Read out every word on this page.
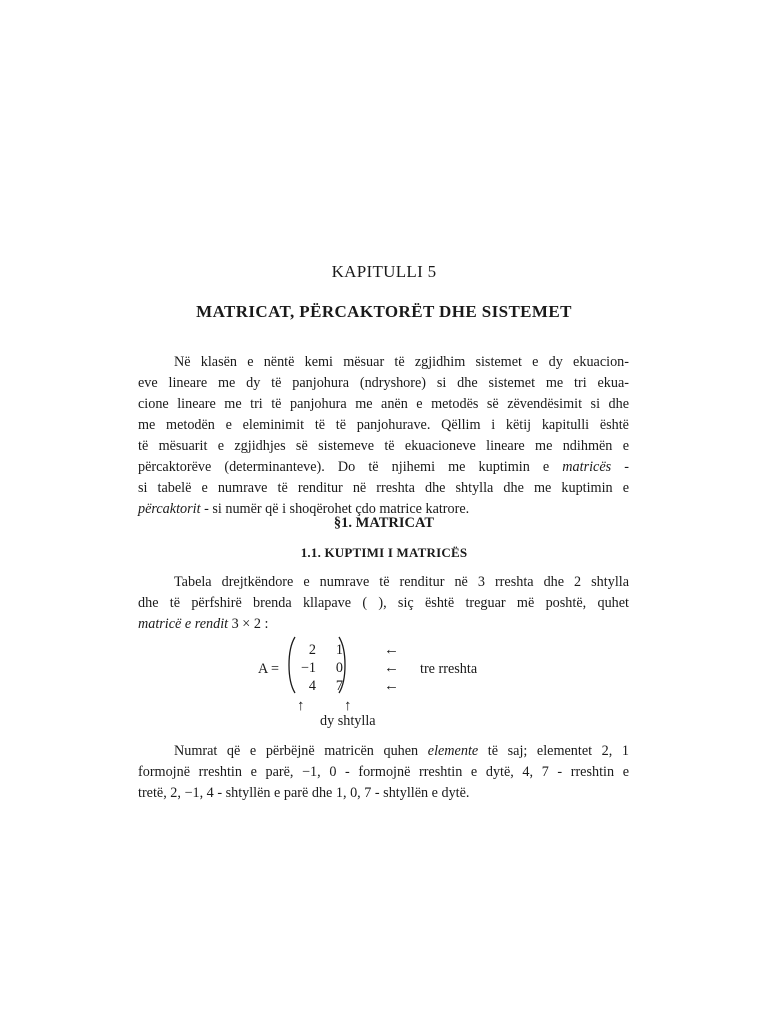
KAPITULLI 5
MATRICAT, PËRCAKTORËT DHE SISTEMET
Në klasën e nëntë kemi mësuar të zgjidhim sistemet e dy ekuacion-
eve lineare me dy të panjohura (ndryshore) si dhe sistemet me tri ekua-
cione lineare me tri të panjohura me anën e metodës së zëvendësimit si dhe
me metodën e eleminimit të të panjohurave. Qëllim i këtij kapitulli është
të mësuarit e zgjidhjes së sistemeve të ekuacioneve lineare me ndihmën e
përcaktorëve (determinanteve). Do të njihemi me kuptimin e matricës -
si tabelë e numrave të renditur në rreshta dhe shtylla dhe me kuptimin e
përcaktorit - si numër që i shoqërohet çdo matrice katrore.
§1. MATRICAT
1.1. KUPTIMI I MATRICËS
Tabela drejtkëndore e numrave të renditur në 3 rreshta dhe 2 shtylla
dhe të përfshirë brenda kllapave ( ), siç është treguar më poshtë, quhet
matricë e rendit 3 × 2 :
A =
2	1
−1	0
4	7
←
←
←
tre rreshta
↑	↑
dy shtylla
Numrat që e përbëjnë matricën quhen elemente të saj; elementet 2, 1
formojnë rreshtin e parë, −1, 0 - formojnë rreshtin e dytë, 4, 7 - rreshtin e
tretë, 2, −1, 4 - shtyllën e parë dhe 1, 0, 7 - shtyllën e dytë.
